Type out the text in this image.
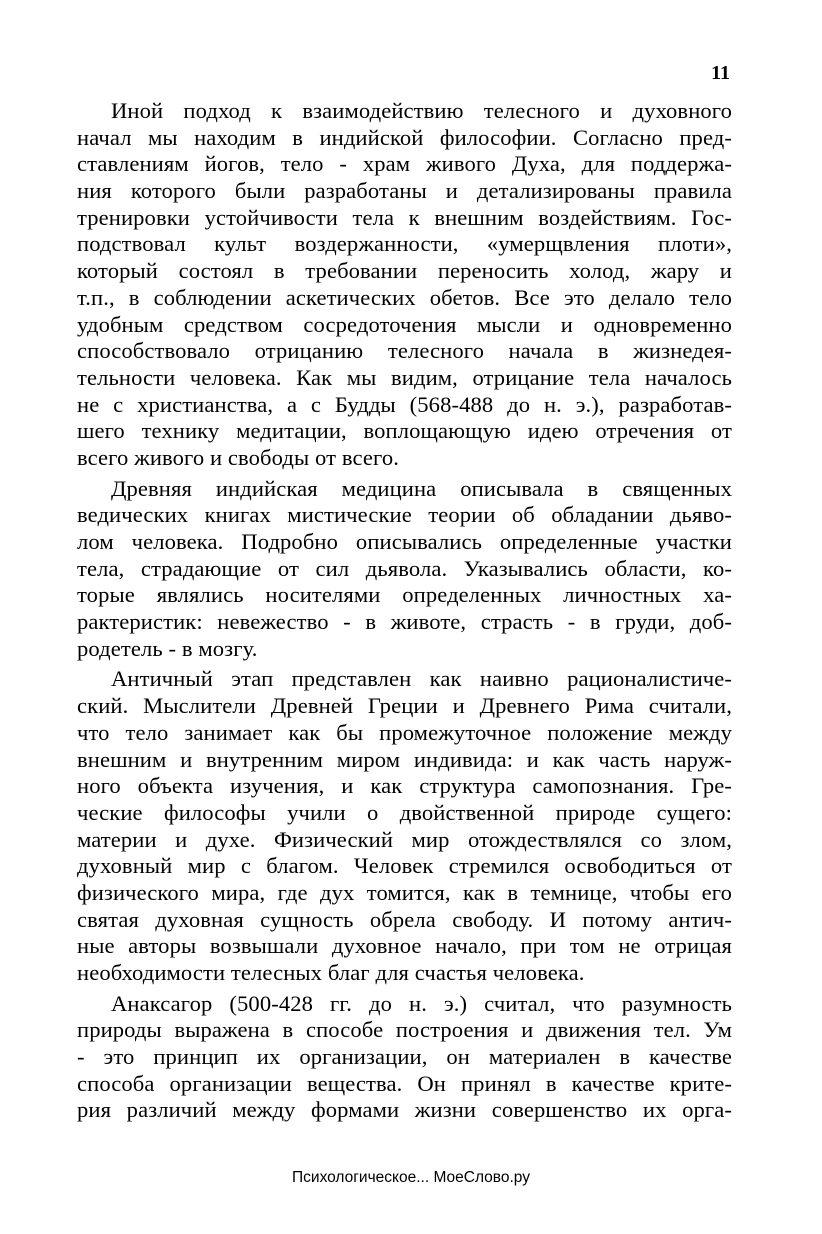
11
Иной подход к взаимодействию телесного и духовного
начал мы находим в индийской философии. Согласно пред-
ставлениям йогов, тело - храм живого Духа, для поддержа-
ния которого были разработаны и детализированы правила
тренировки устойчивости тела к внешним воздействиям. Гос-
подствовал культ воздержанности, «умерщвления плоти»,
который состоял в требовании переносить холод, жару и
т.п., в соблюдении аскетических обетов. Все это делало тело
удобным средством сосредоточения мысли и одновременно
способствовало отрицанию телесного начала в жизнедея-
тельности человека. Как мы видим, отрицание тела началось
не с христианства, а с Будды (568-488 до н. э.), разработав-
шего технику медитации, воплощающую идею отречения от
всего живого и свободы от всего.
Древняя индийская медицина описывала в священных
ведических книгах мистические теории об обладании дьяво-
лом человека. Подробно описывались определенные участки
тела, страдающие от сил дьявола. Указывались области, ко-
торые являлись носителями определенных личностных ха-
рактеристик: невежество - в животе, страсть - в груди, доб-
родетель - в мозгу.
Античный этап представлен как наивно рационалистиче-
ский. Мыслители Древней Греции и Древнего Рима считали,
что тело занимает как бы промежуточное положение между
внешним и внутренним миром индивида: и как часть наруж-
ного объекта изучения, и как структура самопознания. Гре-
ческие философы учили о двойственной природе сущего:
материи и духе. Физический мир отождествлялся со злом,
духовный мир с благом. Человек стремился освободиться от
физического мира, где дух томится, как в темнице, чтобы его
святая духовная сущность обрела свободу. И потому антич-
ные авторы возвышали духовное начало, при том не отрицая
необходимости телесных благ для счастья человека.
Анаксагор (500-428 гг. до н. э.) считал, что разумность
природы выражена в способе построения и движения тел. Ум
- это принцип их организации, он материален в качестве
способа организации вещества. Он принял в качестве крите-
рия различий между формами жизни совершенство их орга-
Психологическое... МоеСлово.ру
